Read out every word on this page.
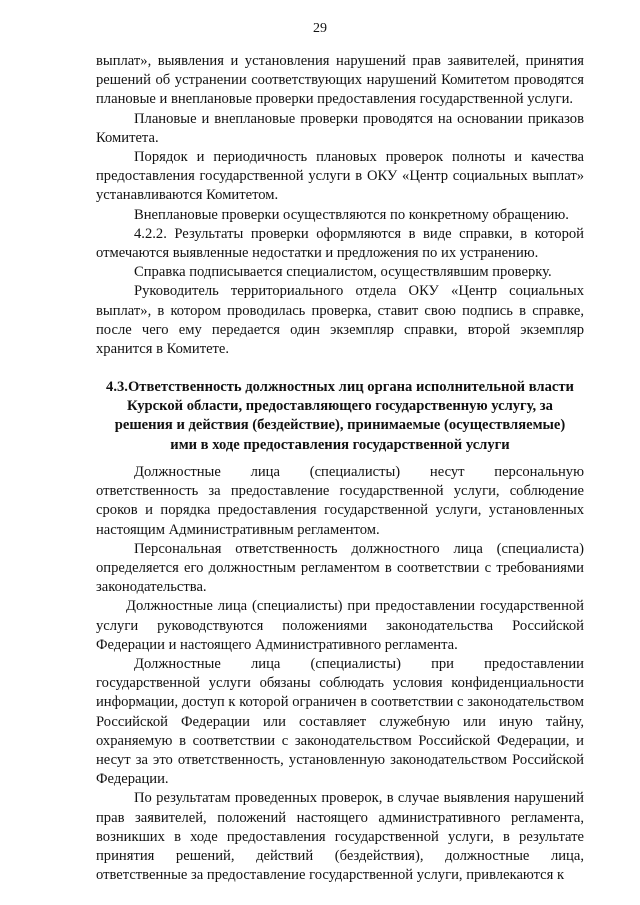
29

выплат», выявления и установления нарушений прав заявителей, принятия решений об устранении соответствующих нарушений Комитетом проводятся плановые и внеплановые проверки предоставления государственной услуги.

Плановые и внеплановые проверки проводятся на основании приказов Комитета.

Порядок и периодичность плановых проверок полноты и качества предоставления государственной услуги в ОКУ «Центр социальных выплат» устанавливаются Комитетом.

Внеплановые проверки осуществляются по конкретному обращению.

4.2.2. Результаты проверки оформляются в виде справки, в которой отмечаются выявленные недостатки и предложения по их устранению.

Справка подписывается специалистом, осуществлявшим проверку.

Руководитель территориального отдела ОКУ «Центр социальных выплат», в котором проводилась проверка, ставит свою подпись в справке, после чего ему передается один экземпляр справки, второй экземпляр хранится в Комитете.

4.3.Ответственность должностных лиц органа исполнительной власти Курской области, предоставляющего государственную услугу, за решения и действия (бездействие), принимаемые (осуществляемые) ими в ходе предоставления государственной услуги

Должностные лица (специалисты) несут персональную ответственность за предоставление государственной услуги, соблюдение сроков и порядка предоставления государственной услуги, установленных настоящим Административным регламентом.

Персональная ответственность должностного лица (специалиста) определяется его должностным регламентом в соответствии с требованиями законодательства.

Должностные лица (специалисты) при предоставлении государственной услуги руководствуются положениями законодательства Российской Федерации и настоящего Административного регламента.

Должностные лица (специалисты) при предоставлении государственной услуги обязаны соблюдать условия конфиденциальности информации, доступ к которой ограничен в соответствии с законодательством Российской Федерации или составляет служебную или иную тайну, охраняемую в соответствии с законодательством Российской Федерации, и несут за это ответственность, установленную законодательством Российской Федерации.

По результатам проведенных проверок, в случае выявления нарушений прав заявителей, положений настоящего административного регламента, возникших в ходе предоставления государственной услуги, в результате принятия решений, действий (бездействия), должностные лица, ответственные за предоставление государственной услуги, привлекаются к
